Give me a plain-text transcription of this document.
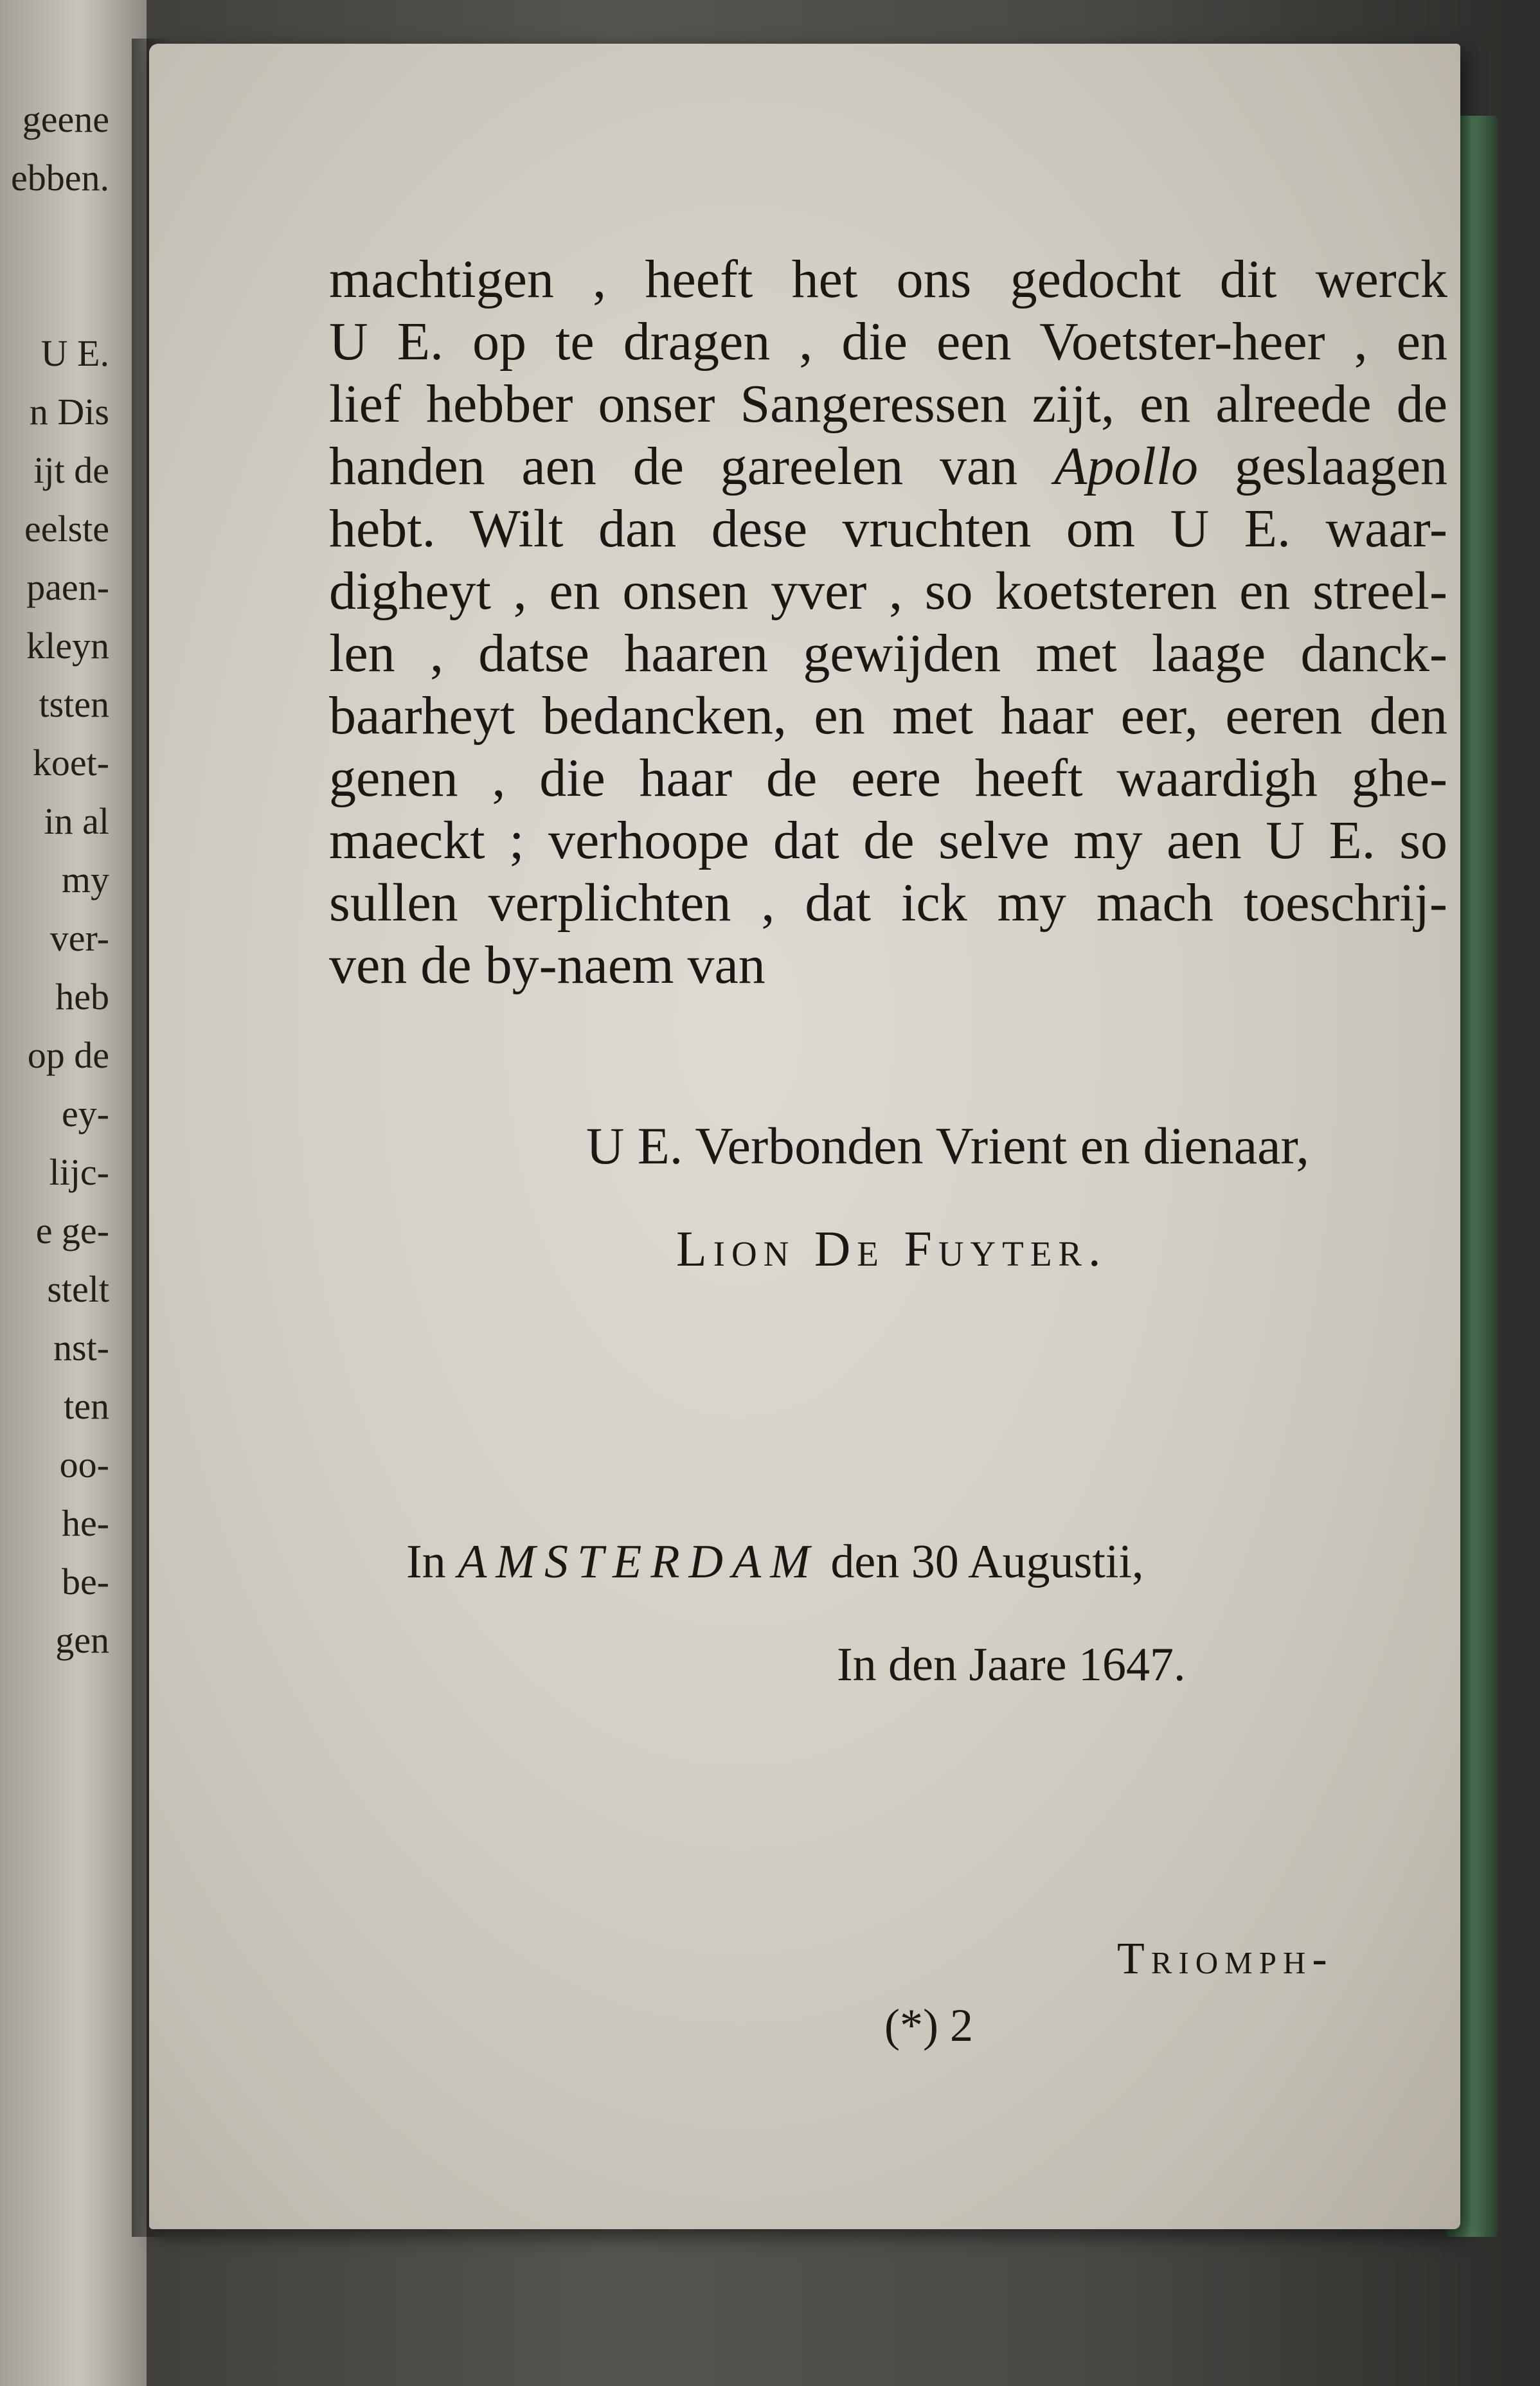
geene
ebben.

U E.
n Dis
ijt de
eelste
paen-
kleyn
tsten
koet-
in al
my
ver-
heb
op de
ey-
lijc-
e ge-
stelt
nst-
ten
oo-
he-
be-
gen
machtigen , heeft het ons gedocht dit werck
U E. op te dragen , die een Voetster-heer , en
lief hebber onser Sangeressen zijt, en alreede de
handen aen de gareelen van Apollo geslaagen
hebt. Wilt dan dese vruchten om U E. waar-
digheyt , en onsen yver , so koetsteren en streel-
len , datse haaren gewijden met laage danck-
baarheyt bedancken, en met haar eer, eeren den
genen , die haar de eere heeft waardigh ghe-
maeckt ; verhoope dat de selve my aen U E. so
sullen verplichten , dat ick my mach toeschrij-
ven de by-naem van
U E. Verbonden Vrient en dienaar,
Lion De Fuyter.
In AMSTERDAM den 30 Augustii,
In den Jaare 1647.
Triomph-
(*) 2
